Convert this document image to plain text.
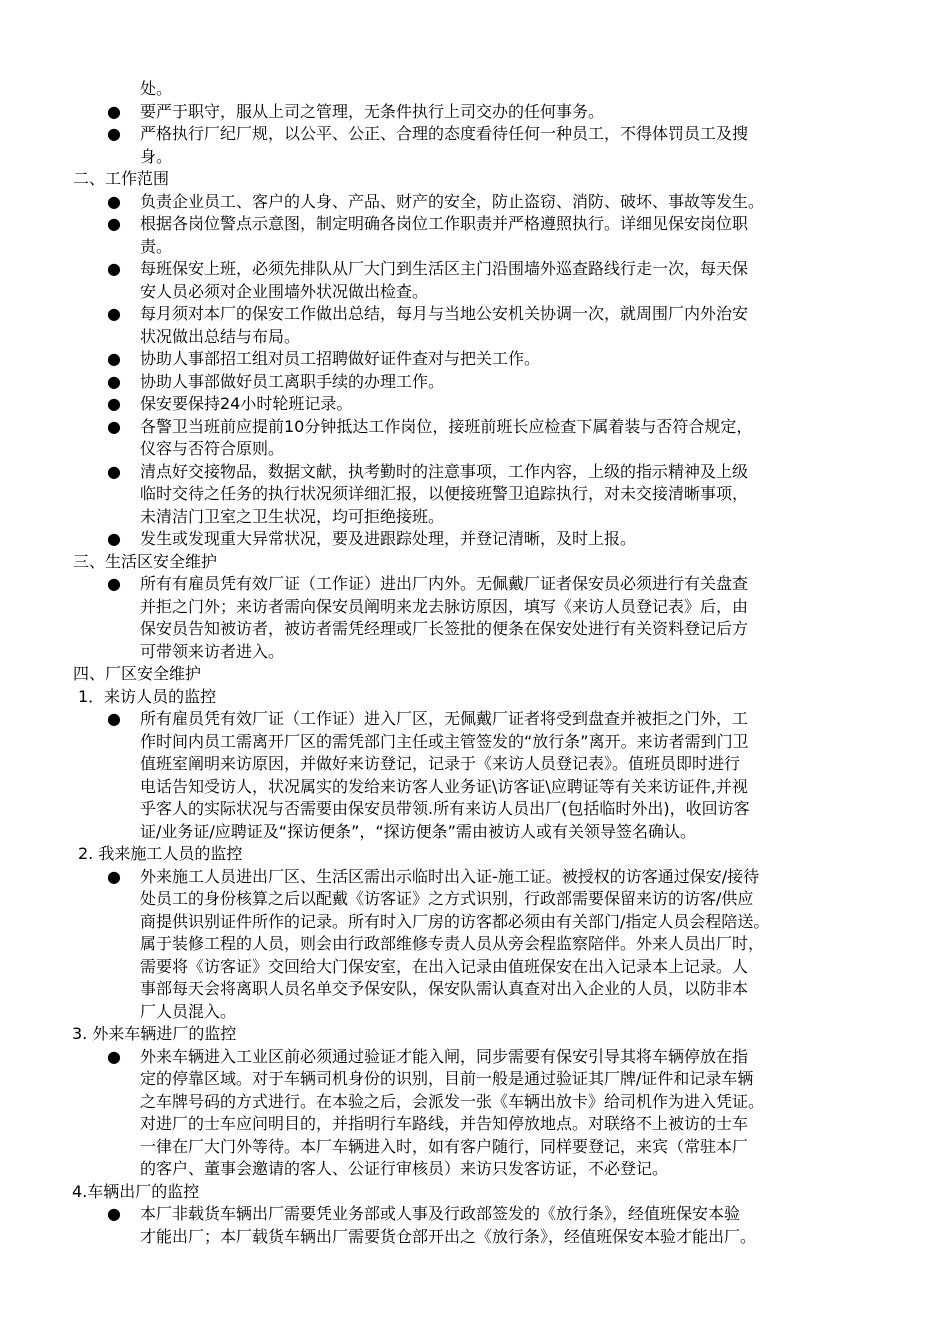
处。
● 要严于职守，服从上司之管理，无条件执行上司交办的任何事务。
● 严格执行厂纪厂规，以公平、公正、合理的态度看待任何一种员工，不得体罚员工及搜
身。
二、工作范围
● 负责企业员工、客户的人身、产品、财产的安全，防止盗窃、消防、破坏、事故等发生。
● 根据各岗位警点示意图，制定明确各岗位工作职责并严格遵照执行。详细见保安岗位职
责。
● 每班保安上班，必须先排队从厂大门到生活区主门沿围墙外巡查路线行走一次，每天保
安人员必须对企业围墙外状况做出检查。
● 每月须对本厂的保安工作做出总结，每月与当地公安机关协调一次，就周围厂内外治安
状况做出总结与布局。
● 协助人事部招工组对员工招聘做好证件查对与把关工作。
● 协助人事部做好员工离职手续的办理工作。
● 保安要保持24小时轮班记录。
● 各警卫当班前应提前10分钟抵达工作岗位，接班前班长应检查下属着装与否符合规定，
仪容与否符合原则。
● 清点好交接物品，数据文献，执考勤时的注意事项，工作内容，上级的指示精神及上级
临时交待之任务的执行状况须详细汇报，以便接班警卫追踪执行，对未交接清晰事项，
未清洁门卫室之卫生状况，均可拒绝接班。
● 发生或发现重大异常状况，要及进跟踪处理，并登记清晰，及时上报。
三、生活区安全维护
● 所有有雇员凭有效厂证（工作证）进出厂内外。无佩戴厂证者保安员必须进行有关盘查
并拒之门外；来访者需向保安员阐明来龙去脉访原因，填写《来访人员登记表》后，由
保安员告知被访者，被访者需凭经理或厂长签批的便条在保安处进行有关资料登记后方
可带领来访者进入。
四、厂区安全维护
1．来访人员的监控
● 所有雇员凭有效厂证（工作证）进入厂区，无佩戴厂证者将受到盘查并被拒之门外，工
作时间内员工需离开厂区的需凭部门主任或主管签发的“放行条”离开。来访者需到门卫
值班室阐明来访原因，并做好来访登记，记录于《来访人员登记表》。值班员即时进行
电话告知受访人，状况属实的发给来访客人业务证\访客证\应聘证等有关来访证件,并视
乎客人的实际状况与否需要由保安员带领.所有来访人员出厂(包括临时外出)，收回访客
证/业务证/应聘证及“探访便条”，“探访便条”需由被访人或有关领导签名确认。
2. 我来施工人员的监控
● 外来施工人员进出厂区、生活区需出示临时出入证-施工证。被授权的访客通过保安/接待
处员工的身份核算之后以配戴《访客证》之方式识别，行政部需要保留来访的访客/供应
商提供识别证件所作的记录。所有时入厂房的访客都必须由有关部门/指定人员会程陪送。
属于装修工程的人员，则会由行政部维修专责人员从旁会程监察陪伴。外来人员出厂时，
需要将《访客证》交回给大门保安室，在出入记录由值班保安在出入记录本上记录。人
事部每天会将离职人员名单交予保安队，保安队需认真查对出入企业的人员，以防非本
厂人员混入。
3. 外来车辆进厂的监控
● 外来车辆进入工业区前必须通过验证才能入闸，同步需要有保安引导其将车辆停放在指
定的停靠区域。对于车辆司机身份的识别，目前一般是通过验证其厂牌/证件和记录车辆
之车牌号码的方式进行。在本验之后，会派发一张《车辆出放卡》给司机作为进入凭证。
对进厂的士车应问明目的，并指明行车路线，并告知停放地点。对联络不上被访的士车
一律在厂大门外等待。本厂车辆进入时，如有客户随行，同样要登记，来宾（常驻本厂
的客户、董事会邀请的客人、公证行审核员）来访只发客访证，不必登记。
4.车辆出厂的监控
● 本厂非载货车辆出厂需要凭业务部或人事及行政部签发的《放行条》，经值班保安本验
才能出厂；本厂载货车辆出厂需要货仓部开出之《放行条》，经值班保安本验才能出厂。
